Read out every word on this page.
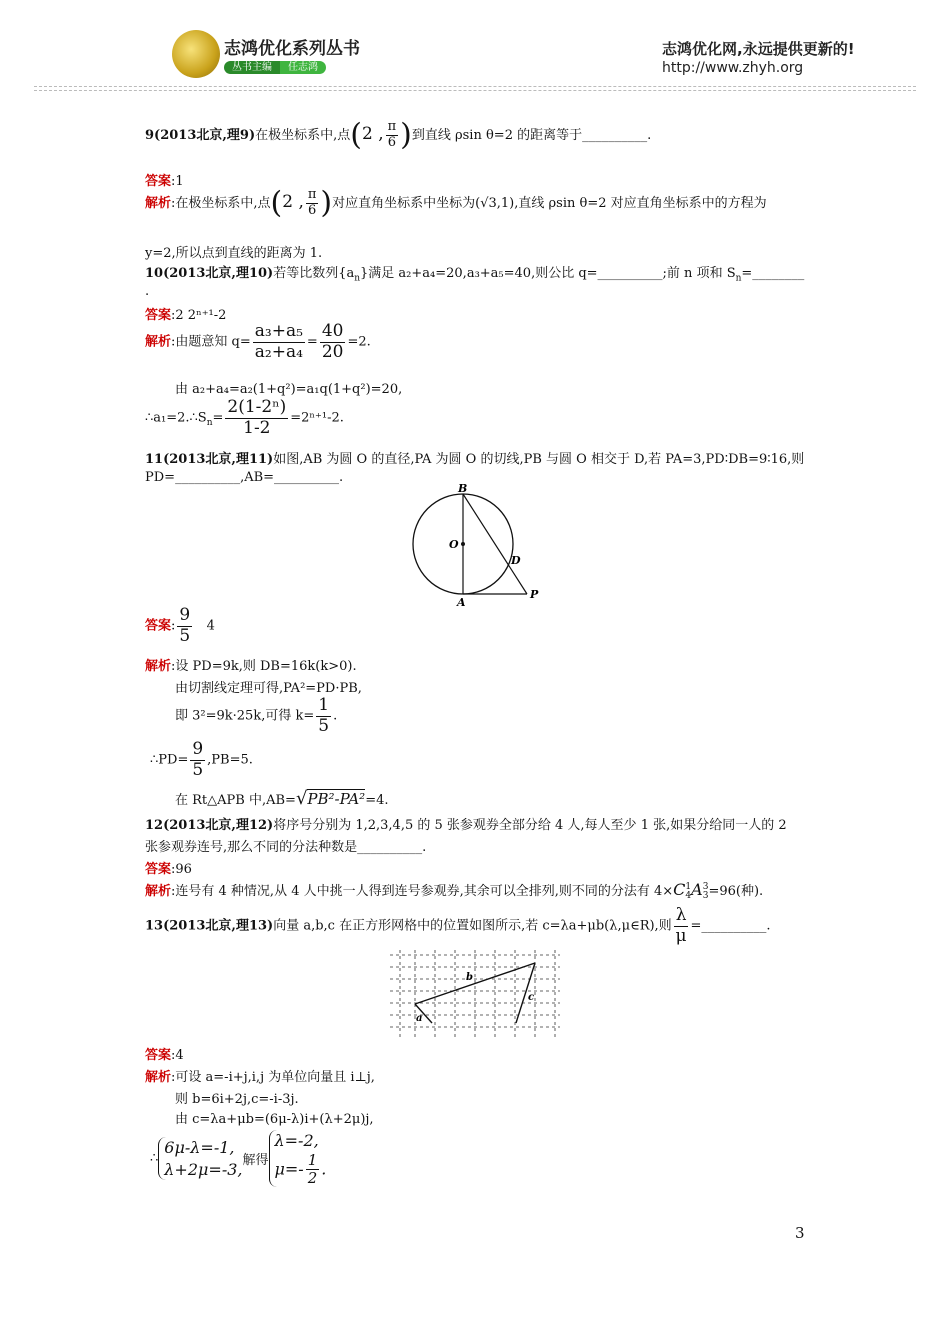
志鸿优化系列丛书
丛书主编 任志鸿
志鸿优化网,永远提供更新的!
http://www.zhyh.org
9(2013北京,理9)在极坐标系中,点(2 , $\frac{\pi}{6}$ )到直线 ρsin θ=2 的距离等于__________.
答案:1
解析:在极坐标系中,点(2 , $\frac{\pi}{6}$ )对应直角坐标系中坐标为(√3,1),直线 ρsin θ=2 对应直角坐标系中的方程为
y=2,所以点到直线的距离为 1.
10(2013北京,理10)若等比数列$\{a_n\}$满足 a₂+a₄=20,a₃+a₅=40,则公比 q=__________;前 n 项和 $S_n=\_\_\_\_\_\_\_\_$
.
答案:2 2ⁿ⁺¹-2
解析:由题意知 $q= \frac{\text{a₃+a₅}}{\text{a₂+a₄}} = \frac{40}{20} =2$.
由 a₂+a₄=a₂(1+q²)=a₁q(1+q²)=20,
$\therefore a_1=2.\therefore S_n= \frac{\text{2(1-2ⁿ)}}{1-2} =2^{n+1}-2$.
11(2013北京,理11)如图,AB 为圆 O 的直径,PA 为圆 O 的切线,PB 与圆 O 相交于 D,若 PA=3,PD∶DB=9∶16,则
PD=__________,AB=__________.
B
O
D
A
P
答案: $\frac{9}{5} 4$
解析:设 PD=9k,则 DB=16k(k>0).
由切割线定理可得,PA²=PD·PB,
即 3²=9k·25k,可得 $k= \frac{1}{5}$ .
∴PD= $\frac{9}{5} ,PB=5$.
在 Rt△APB 中,AB=√PB²-PA²=4.
12(2013北京,理12)将序号分别为 1,2,3,4,5 的 5 张参观券全部分给 4 人,每人至少 1 张,如果分给同一人的 2
张参观券连号,那么不同的分法种数是__________.
答案:96
解析:连号有 4 种情况,从 4 人中挑一人得到连号参观券,其余可以全排列,则不同的分法有 4×C 1
4 A 3
3 =96(种).
13(2013北京,理13)向量 a,b,c 在正方形网格中的位置如图所示,若 c=λa+μb(λ,μ∈R),则 $\frac{\lambda}{\mu}$ =__________.
a
b
c
答案:4
解析:可设 a=-i+j,i,j 为单位向量且 i⊥j,
则 b=6i+2j,c=-i-3j.
由 c=λa+μb=(6μ-λ)i+(λ+2μ)j,
∴
6μ-λ=-1,
λ+2μ=-3, 解得
λ=-2,
$\mu=- \frac{1}{2}$ .
3
